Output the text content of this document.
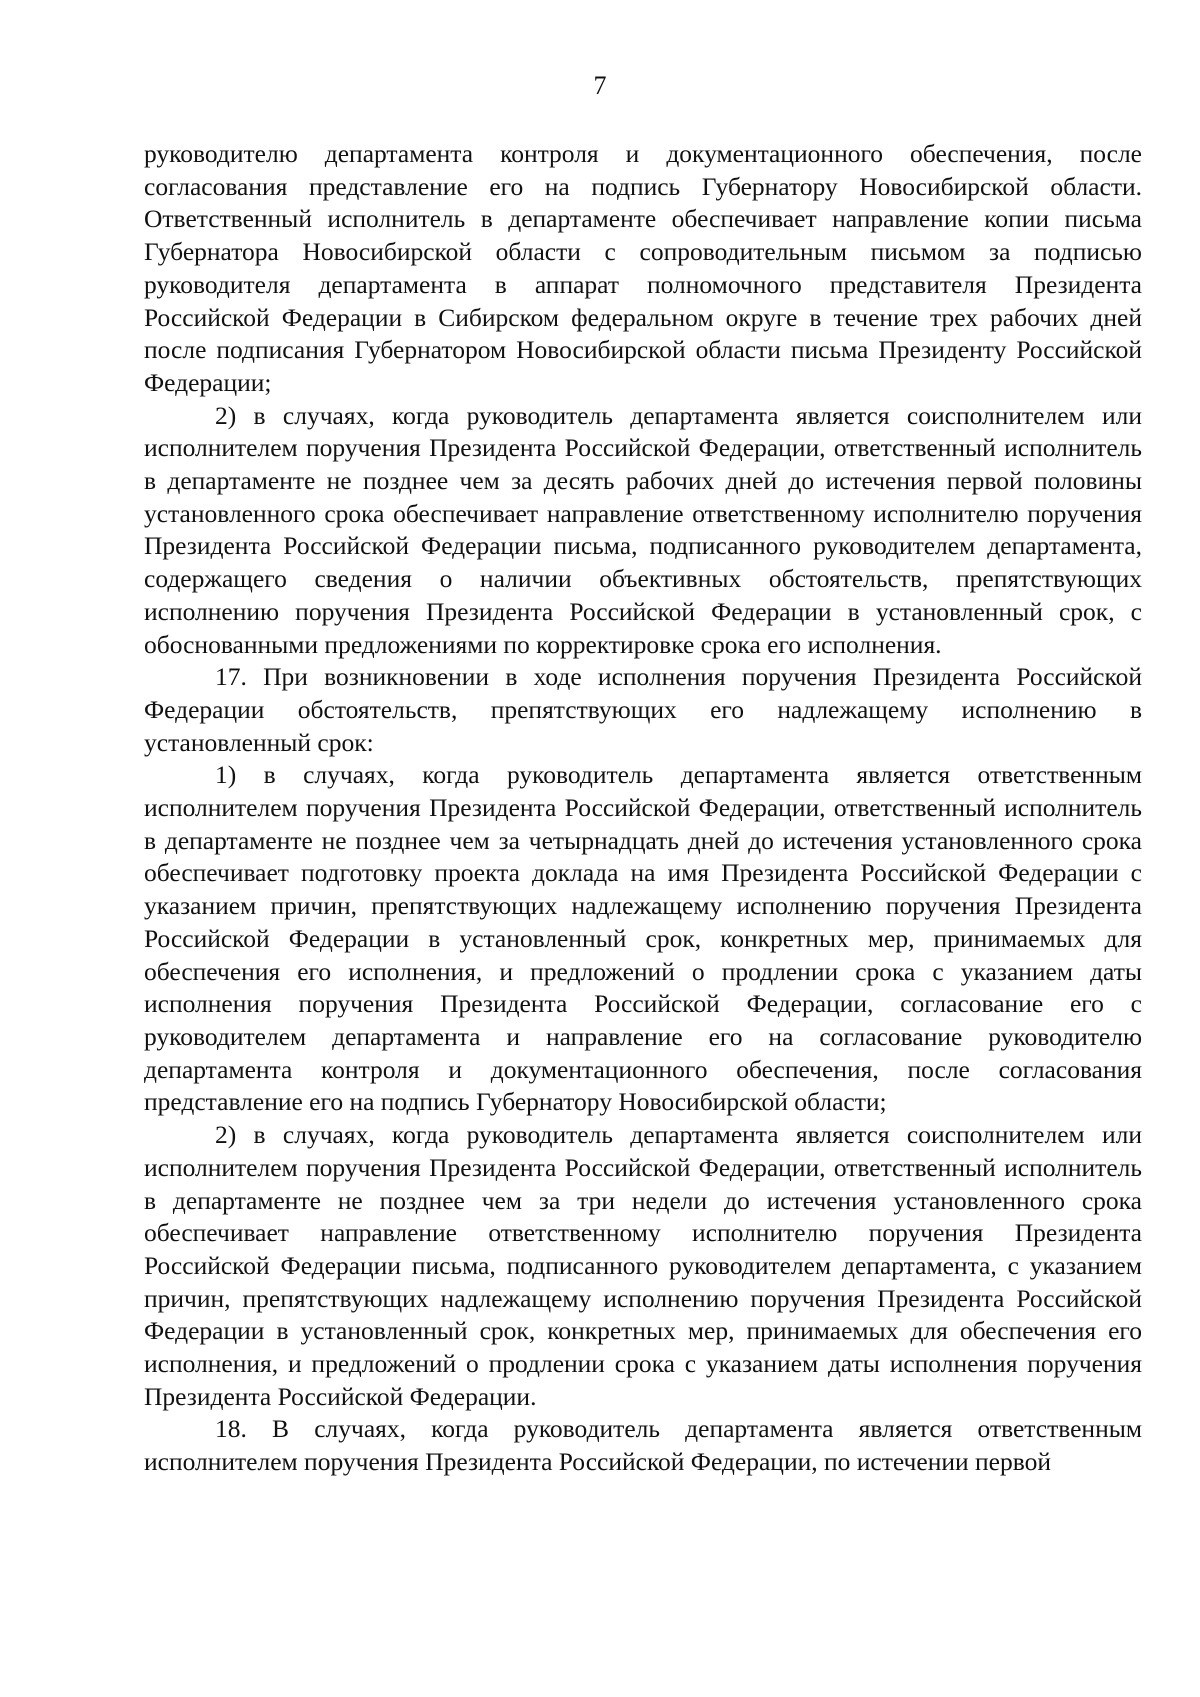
7

руководителю департамента контроля и документационного обеспечения, после согласования представление его на подпись Губернатору Новосибирской области. Ответственный исполнитель в департаменте обеспечивает направление копии письма Губернатора Новосибирской области с сопроводительным письмом за подписью руководителя департамента в аппарат полномочного представителя Президента Российской Федерации в Сибирском федеральном округе в течение трех рабочих дней после подписания Губернатором Новосибирской области письма Президенту Российской Федерации;

2) в случаях, когда руководитель департамента является соисполнителем или исполнителем поручения Президента Российской Федерации, ответственный исполнитель в департаменте не позднее чем за десять рабочих дней до истечения первой половины установленного срока обеспечивает направление ответственному исполнителю поручения Президента Российской Федерации письма, подписанного руководителем департамента, содержащего сведения о наличии объективных обстоятельств, препятствующих исполнению поручения Президента Российской Федерации в установленный срок, с обоснованными предложениями по корректировке срока его исполнения.

17. При возникновении в ходе исполнения поручения Президента Российской Федерации обстоятельств, препятствующих его надлежащему исполнению в установленный срок:

1) в случаях, когда руководитель департамента является ответственным исполнителем поручения Президента Российской Федерации, ответственный исполнитель в департаменте не позднее чем за четырнадцать дней до истечения установленного срока обеспечивает подготовку проекта доклада на имя Президента Российской Федерации с указанием причин, препятствующих надлежащему исполнению поручения Президента Российской Федерации в установленный срок, конкретных мер, принимаемых для обеспечения его исполнения, и предложений о продлении срока с указанием даты исполнения поручения Президента Российской Федерации, согласование его с руководителем департамента и направление его на согласование руководителю департамента контроля и документационного обеспечения, после согласования представление его на подпись Губернатору Новосибирской области;

2) в случаях, когда руководитель департамента является соисполнителем или исполнителем поручения Президента Российской Федерации, ответственный исполнитель в департаменте не позднее чем за три недели до истечения установленного срока обеспечивает направление ответственному исполнителю поручения Президента Российской Федерации письма, подписанного руководителем департамента, с указанием причин, препятствующих надлежащему исполнению поручения Президента Российской Федерации в установленный срок, конкретных мер, принимаемых для обеспечения его исполнения, и предложений о продлении срока с указанием даты исполнения поручения Президента Российской Федерации.

18. В случаях, когда руководитель департамента является ответственным исполнителем поручения Президента Российской Федерации, по истечении первой
